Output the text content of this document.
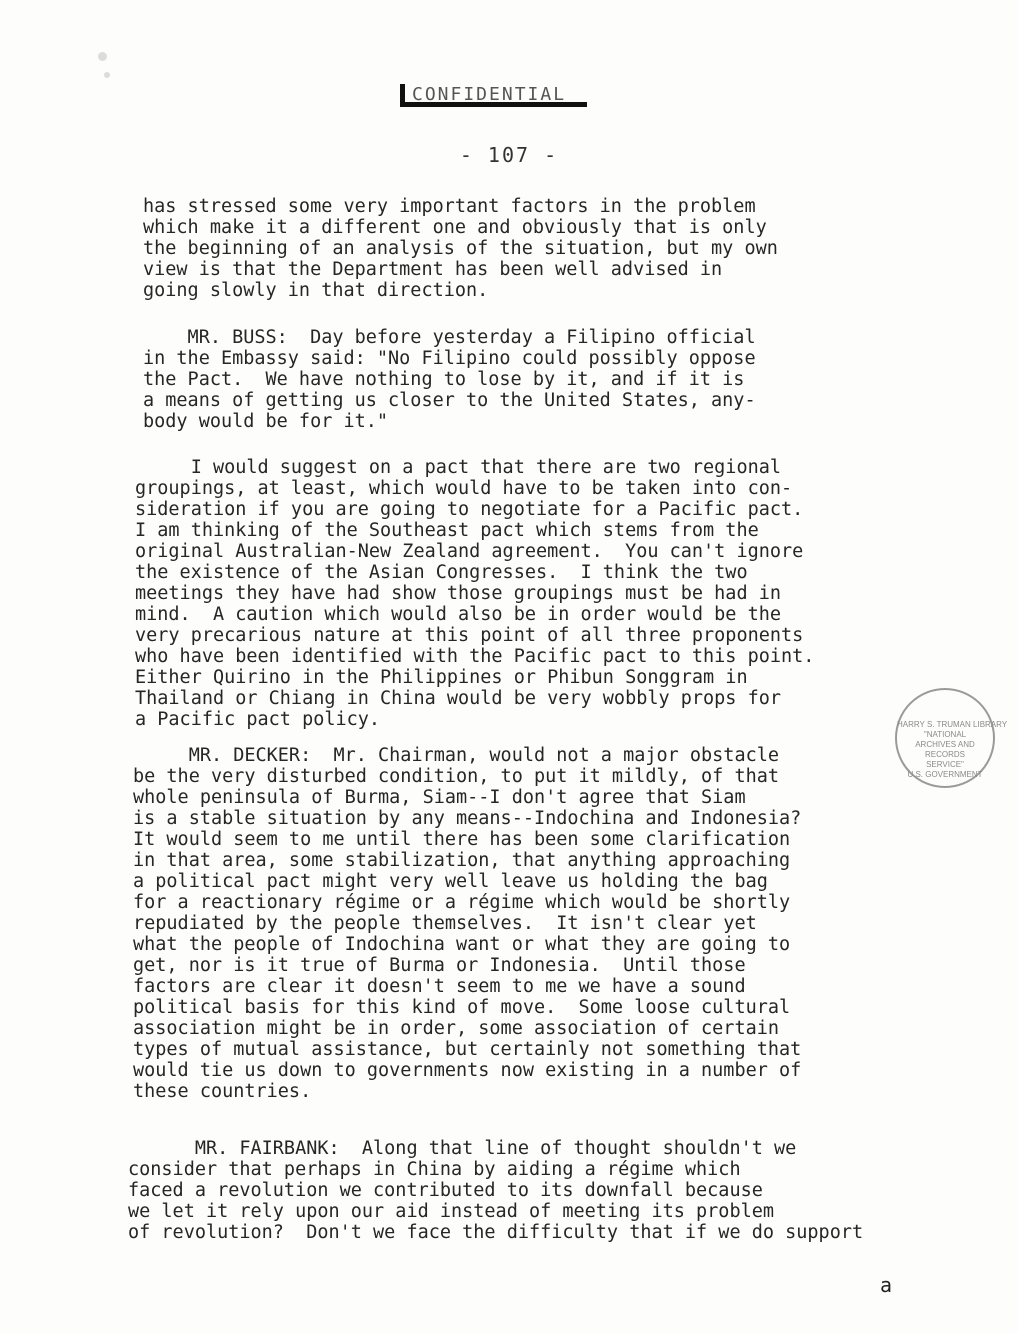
CONFIDENTIAL
- 107 -

has stressed some very important factors in the problem
which make it a different one and obviously that is only
the beginning of an analysis of the situation, but my own
view is that the Department has been well advised in
going slowly in that direction.

MR. BUSS:  Day before yesterday a Filipino official
in the Embassy said: "No Filipino could possibly oppose
the Pact.  We have nothing to lose by it, and if it is
a means of getting us closer to the United States, any-
body would be for it."

I would suggest on a pact that there are two regional
groupings, at least, which would have to be taken into con-
sideration if you are going to negotiate for a Pacific pact.
I am thinking of the Southeast pact which stems from the
original Australian-New Zealand agreement.  You can't ignore
the existence of the Asian Congresses.  I think the two
meetings they have had show those groupings must be had in
mind.  A caution which would also be in order would be the
very precarious nature at this point of all three proponents
who have been identified with the Pacific pact to this point.
Either Quirino in the Philippines or Phibun Songgram in
Thailand or Chiang in China would be very wobbly props for
a Pacific pact policy.

MR. DECKER:  Mr. Chairman, would not a major obstacle
be the very disturbed condition, to put it mildly, of that
whole peninsula of Burma, Siam--I don't agree that Siam
is a stable situation by any means--Indochina and Indonesia?
It would seem to me until there has been some clarification
in that area, some stabilization, that anything approaching
a political pact might very well leave us holding the bag
for a reactionary régime or a régime which would be shortly
repudiated by the people themselves.  It isn't clear yet
what the people of Indochina want or what they are going to
get, nor is it true of Burma or Indonesia.  Until those
factors are clear it doesn't seem to me we have a sound
political basis for this kind of move.  Some loose cultural
association might be in order, some association of certain
types of mutual assistance, but certainly not something that
would tie us down to governments now existing in a number of
these countries.

MR. FAIRBANK:  Along that line of thought shouldn't we
consider that perhaps in China by aiding a régime which
faced a revolution we contributed to its downfall because
we let it rely upon our aid instead of meeting its problem
of revolution?  Don't we face the difficulty that if we do support

HARRY S. TRUMAN LIBRARY
"NATIONAL
ARCHIVES AND
RECORDS
SERVICE"
U.S. GOVERNMENT
a
